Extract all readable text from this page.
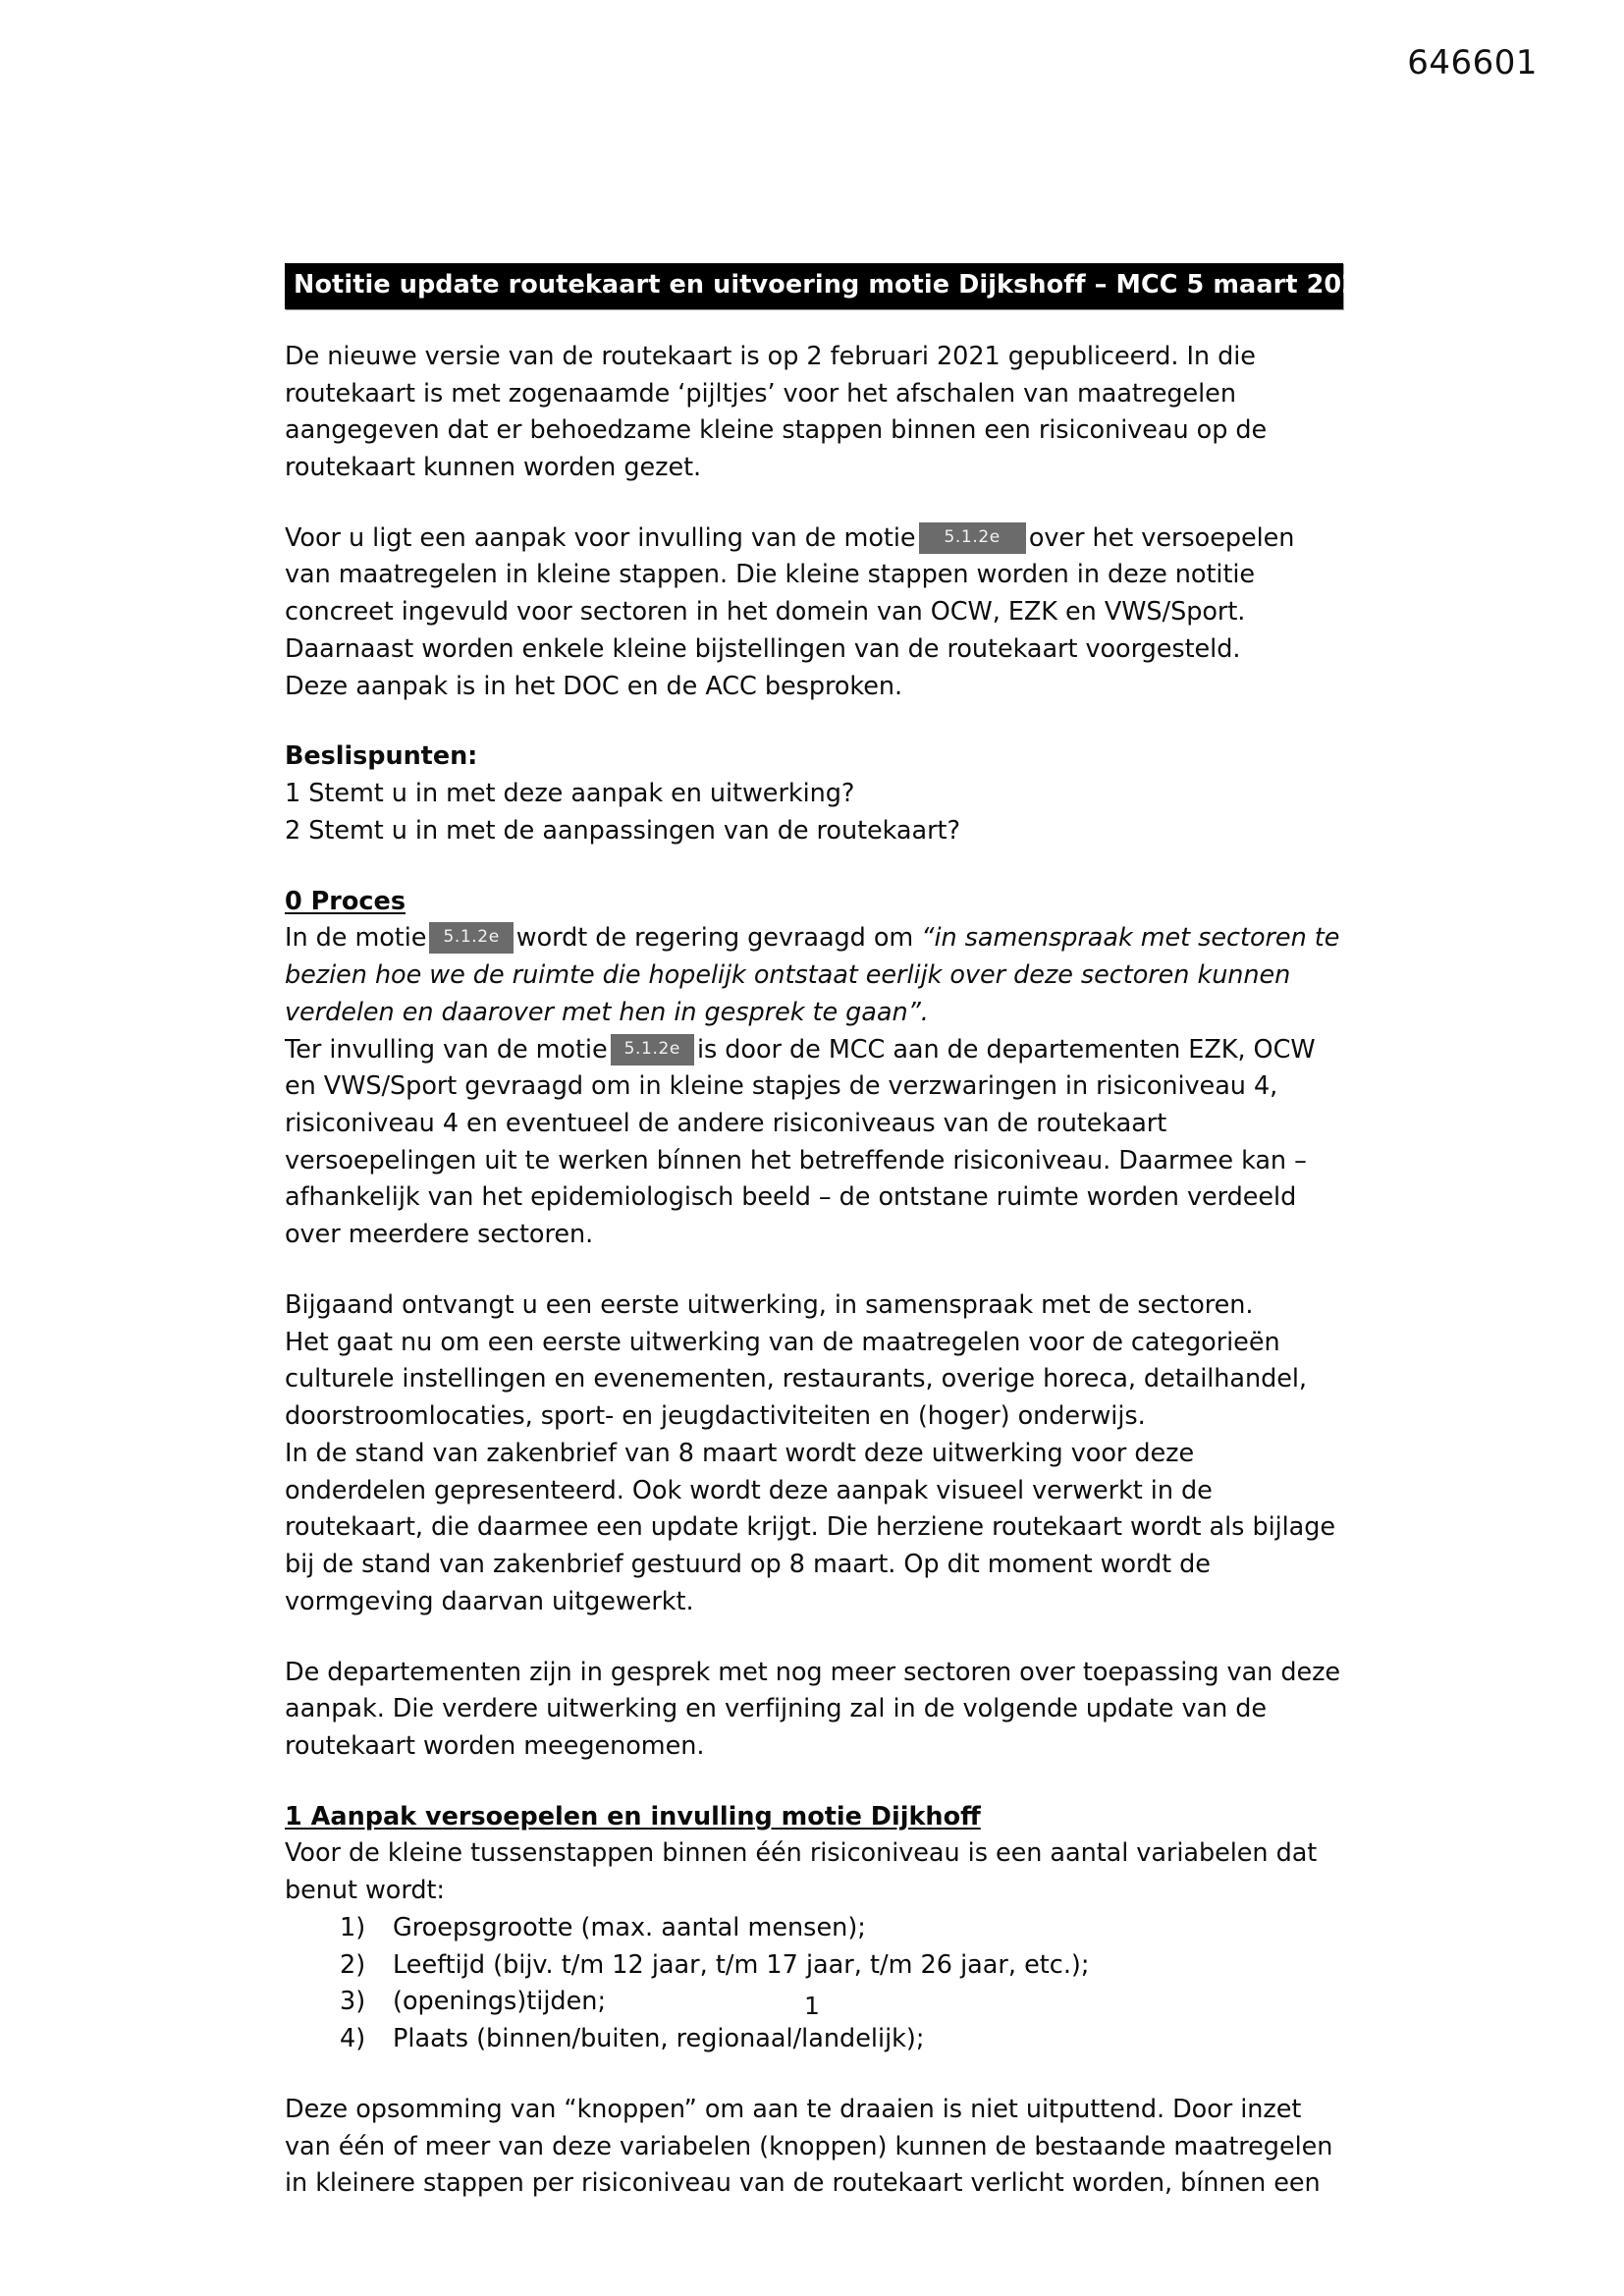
646601
Notitie update routekaart en uitvoering motie Dijkshoff – MCC 5 maart 2021

De nieuwe versie van de routekaart is op 2 februari 2021 gepubliceerd. In die routekaart is met zogenaamde ‘pijltjes’ voor het afschalen van maatregelen aangegeven dat er behoedzame kleine stappen binnen een risiconiveau op de routekaart kunnen worden gezet.

Voor u ligt een aanpak voor invulling van de motie 5.1.2e over het versoepelen van maatregelen in kleine stappen. Die kleine stappen worden in deze notitie concreet ingevuld voor sectoren in het domein van OCW, EZK en VWS/Sport.

Daarnaast worden enkele kleine bijstellingen van de routekaart voorgesteld.

Deze aanpak is in het DOC en de ACC besproken.

Beslispunten:

1 Stemt u in met deze aanpak en uitwerking?

2 Stemt u in met de aanpassingen van de routekaart?

0 Proces

In de motie 5.1.2e wordt de regering gevraagd om “in samenspraak met sectoren te bezien hoe we de ruimte die hopelijk ontstaat eerlijk over deze sectoren kunnen verdelen en daarover met hen in gesprek te gaan”.

Ter invulling van de motie 5.1.2e is door de MCC aan de departementen EZK, OCW en VWS/Sport gevraagd om in kleine stapjes de verzwaringen in risiconiveau 4, risiconiveau 4 en eventueel de andere risiconiveaus van de routekaart versoepelingen uit te werken bínnen het betreffende risiconiveau. Daarmee kan – afhankelijk van het epidemiologisch beeld – de ontstane ruimte worden verdeeld over meerdere sectoren.

Bijgaand ontvangt u een eerste uitwerking, in samenspraak met de sectoren.

Het gaat nu om een eerste uitwerking van de maatregelen voor de categorieën culturele instellingen en evenementen, restaurants, overige horeca, detailhandel, doorstroomlocaties, sport- en jeugdactiviteiten en (hoger) onderwijs.

In de stand van zakenbrief van 8 maart wordt deze uitwerking voor deze onderdelen gepresenteerd. Ook wordt deze aanpak visueel verwerkt in de routekaart, die daarmee een update krijgt. Die herziene routekaart wordt als bijlage bij de stand van zakenbrief gestuurd op 8 maart. Op dit moment wordt de vormgeving daarvan uitgewerkt.

De departementen zijn in gesprek met nog meer sectoren over toepassing van deze aanpak. Die verdere uitwerking en verfijning zal in de volgende update van de routekaart worden meegenomen.

1 Aanpak versoepelen en invulling motie Dijkhoff

Voor de kleine tussenstappen binnen één risiconiveau is een aantal variabelen dat benut wordt:

1)	Groepsgrootte (max. aantal mensen);
2)	Leeftijd (bijv. t/m 12 jaar, t/m 17 jaar, t/m 26 jaar, etc.);
3)	(openings)tijden;
4)	Plaats (binnen/buiten, regionaal/landelijk);

Deze opsomming van “knoppen” om aan te draaien is niet uitputtend. Door inzet van één of meer van deze variabelen (knoppen) kunnen de bestaande maatregelen in kleinere stappen per risiconiveau van de routekaart verlicht worden, bínnen een

1
